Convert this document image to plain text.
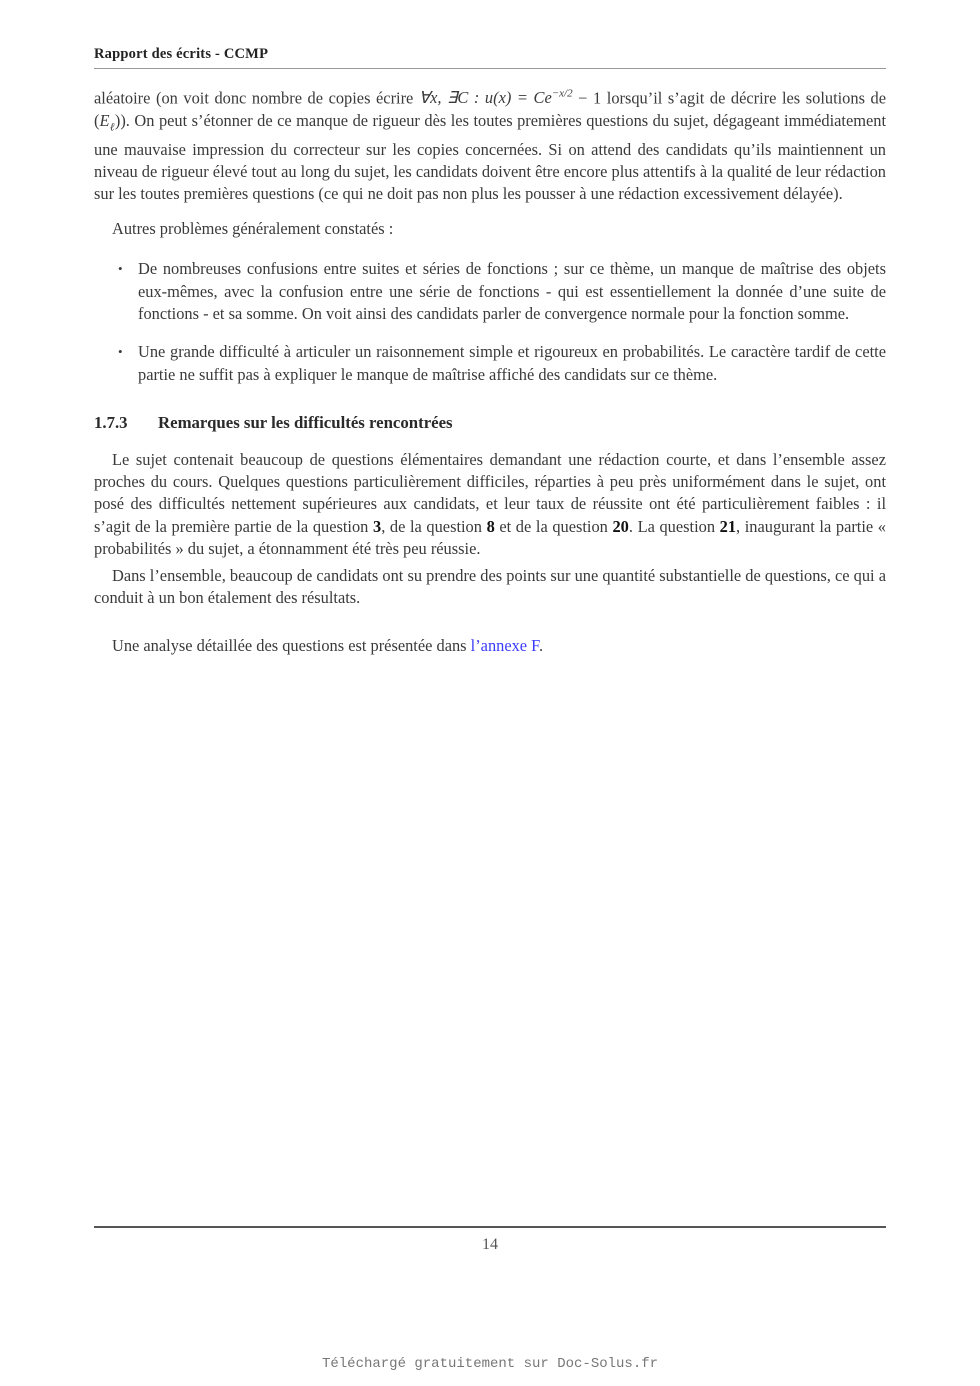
Rapport des écrits - CCMP

aléatoire (on voit donc nombre de copies écrire ∀x, ∃C : $u(x) = Ce^{-x/2} - 1$ lorsqu’il s’agit de décrire les solutions de $(E_\ell)$). On peut s’étonner de ce manque de rigueur dès les toutes premières questions du sujet, dégageant immédiatement une mauvaise impression du correcteur sur les copies concernées. Si on attend des candidats qu’ils maintiennent un niveau de rigueur élevé tout au long du sujet, les candidats doivent être encore plus attentifs à la qualité de leur rédaction sur les toutes premières questions (ce qui ne doit pas non plus les pousser à une rédaction excessivement délayée).

Autres problèmes généralement constatés :

• De nombreuses confusions entre suites et séries de fonctions ; sur ce thème, un manque de maîtrise des objets eux-mêmes, avec la confusion entre une série de fonctions - qui est essentiellement la donnée d’une suite de fonctions - et sa somme. On voit ainsi des candidats parler de convergence normale pour la fonction somme.
• Une grande difficulté à articuler un raisonnement simple et rigoureux en probabilités. Le caractère tardif de cette partie ne suffit pas à expliquer le manque de maîtrise affiché des candidats sur ce thème.
1.7.3 Remarques sur les difficultés rencontrées

Le sujet contenait beaucoup de questions élémentaires demandant une rédaction courte, et dans l’ensemble assez proches du cours. Quelques questions particulièrement difficiles, réparties à peu près uniformément dans le sujet, ont posé des difficultés nettement supérieures aux candidats, et leur taux de réussite ont été particulièrement faibles : il s’agit de la première partie de la question 3, de la question 8 et de la question 20. La question 21, inaugurant la partie « probabilités » du sujet, a étonnamment été très peu réussie.

Dans l’ensemble, beaucoup de candidats ont su prendre des points sur une quantité substantielle de questions, ce qui a conduit à un bon étalement des résultats.

Une analyse détaillée des questions est présentée dans l’annexe F.

14
Téléchargé gratuitement sur Doc-Solus.fr
